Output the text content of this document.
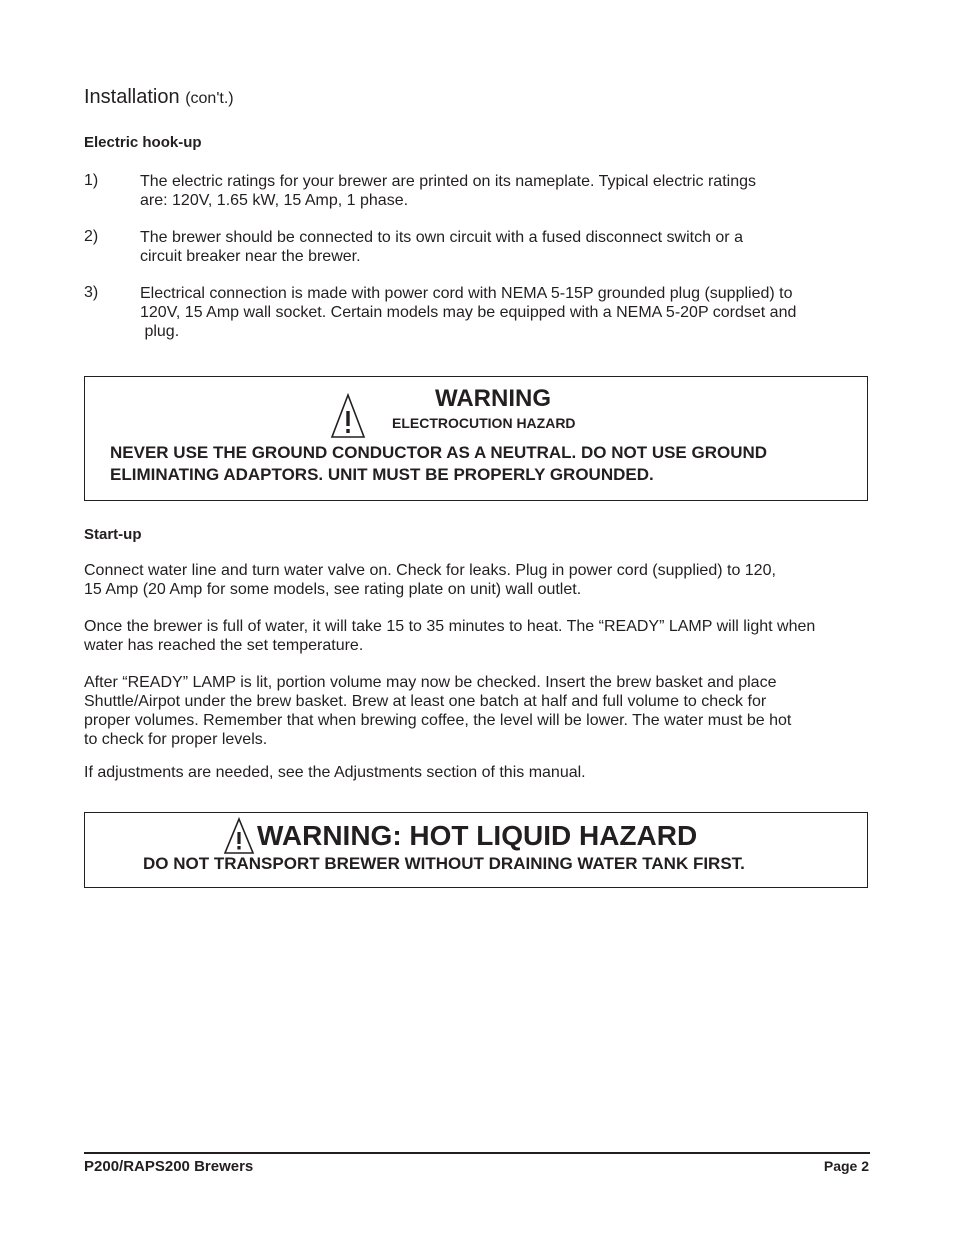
Installation (con't.)
Electric hook-up
1)	The electric ratings for your brewer are printed on its nameplate. Typical electric ratings
are: 120V, 1.65 kW, 15 Amp, 1 phase.
2)	The brewer should be connected to its own circuit with a fused disconnect switch or a
circuit breaker near the brewer.
3)	Electrical connection is made with power cord with NEMA 5-15P grounded plug (supplied) to
120V, 15 Amp wall socket. Certain models may be equipped with a NEMA 5-20P cordset and
plug.
WARNING
ELECTROCUTION HAZARD
NEVER USE THE GROUND CONDUCTOR AS A NEUTRAL. DO NOT USE GROUND
ELIMINATING ADAPTORS. UNIT MUST BE PROPERLY GROUNDED.
Start-up
Connect water line and turn water valve on. Check for leaks. Plug in power cord (supplied) to 120,
15 Amp (20 Amp for some models, see rating plate on unit) wall outlet.
Once the brewer is full of water, it will take 15 to 35 minutes to heat. The “READY” LAMP will light when
water has reached the set temperature.
After “READY” LAMP is lit, portion volume may now be checked. Insert the brew basket and place
Shuttle/Airpot under the brew basket. Brew at least one batch at half and full volume to check for
proper volumes. Remember that when brewing coffee, the level will be lower. The water must be hot
to check for proper levels.
If adjustments are needed, see the Adjustments section of this manual.
WARNING: HOT LIQUID HAZARD
DO NOT TRANSPORT BREWER WITHOUT DRAINING WATER TANK FIRST.
P200/RAPS200 Brewers	Page 2
